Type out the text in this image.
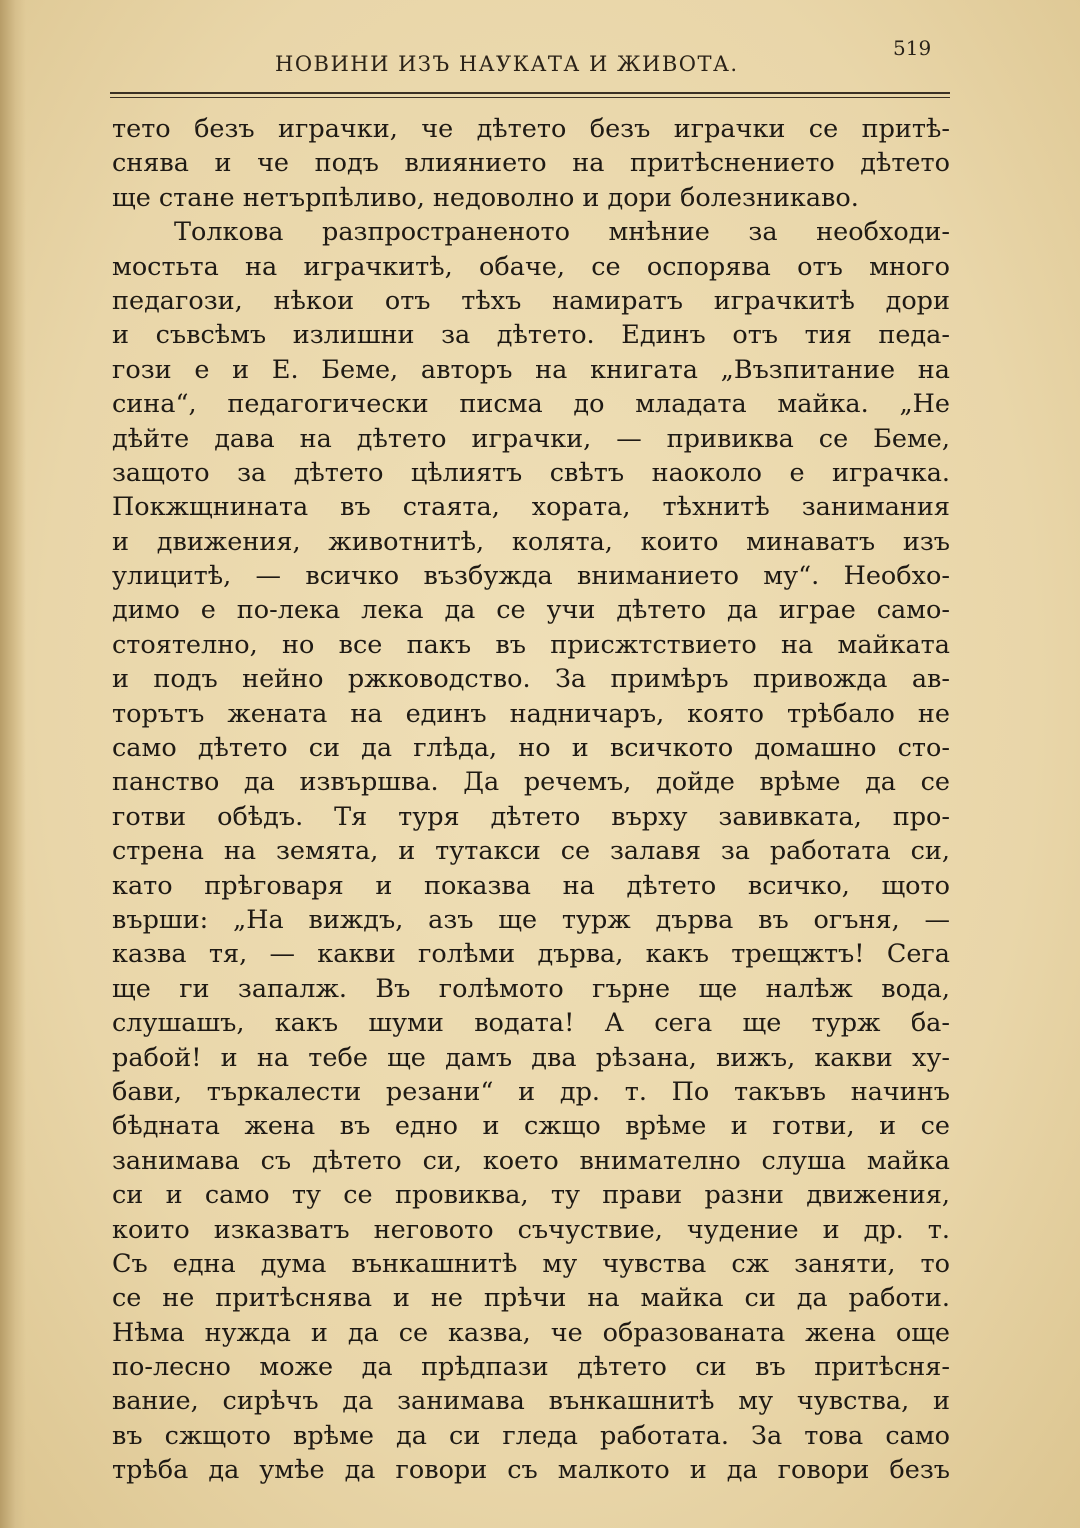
НОВИНИ ИЗЪ НАУКАТА И ЖИВОТА.
519
тето безъ играчки, че дѣтето безъ играчки се притѣ-
снява и че подъ влиянието на притѣснението дѣтето
ще стане нетърпѣливо, недоволно и дори болезникаво.
Толкова разпространеното мнѣние за необходи-
мостьта на играчкитѣ, обаче, се оспорява отъ много
педагози, нѣкои отъ тѣхъ намиратъ играчкитѣ дори
и съвсѣмъ излишни за дѣтето. Единъ отъ тия педа-
гози е и Е. Беме, авторъ на книгата „Възпитание на
сина“, педагогически писма до младата майка. „Не
дѣйте дава на дѣтето играчки, — привиква се Беме,
защото за дѣтето цѣлиятъ свѣтъ наоколо е играчка.
Покжщнината въ стаята, хората, тѣхнитѣ занимания
и движения, животнитѣ, колята, които минаватъ изъ
улицитѣ, — всичко възбужда вниманието му“. Необхо-
димо е по-лека лека да се учи дѣтето да играе само-
стоятелно, но все пакъ въ присжтствието на майката
и подъ нейно ржководство. За примѣръ привожда ав-
торътъ жената на единъ надничаръ, която трѣбало не
само дѣтето си да глѣда, но и всичкото домашно сто-
панство да извършва. Да речемъ, дойде врѣме да се
готви обѣдъ. Тя туря дѣтето върху завивката, про-
стрена на земята, и тутакси се залавя за работата си,
като прѣговаря и показва на дѣтето всичко, щото
върши: „На виждъ, азъ ще турж дърва въ огъня, —
казва тя, — какви голѣми дърва, какъ трещжтъ! Сега
ще ги запалж. Въ голѣмото гърне ще налѣж вода,
слушашъ, какъ шуми водата! А сега ще турж ба-
рабой! и на тебе ще дамъ два рѣзана, вижъ, какви ху-
бави, търкалести резани“ и др. т. По такъвъ начинъ
бѣдната жена въ едно и сжщо врѣме и готви, и се
занимава съ дѣтето си, което внимателно слуша майка
си и само ту се провиква, ту прави разни движения,
които изказватъ неговото съчуствие, чудение и др. т.
Съ една дума вънкашнитѣ му чувства сж заняти, то
се не притѣснява и не прѣчи на майка си да работи.
Нѣма нужда и да се казва, че образованата жена още
по-лесно може да прѣдпази дѣтето си въ притѣсня-
вание, сирѣчъ да занимава вънкашнитѣ му чувства, и
въ сжщото врѣме да си глeда работата. За това само
трѣба да умѣе да говори съ малкото и да говори безъ
